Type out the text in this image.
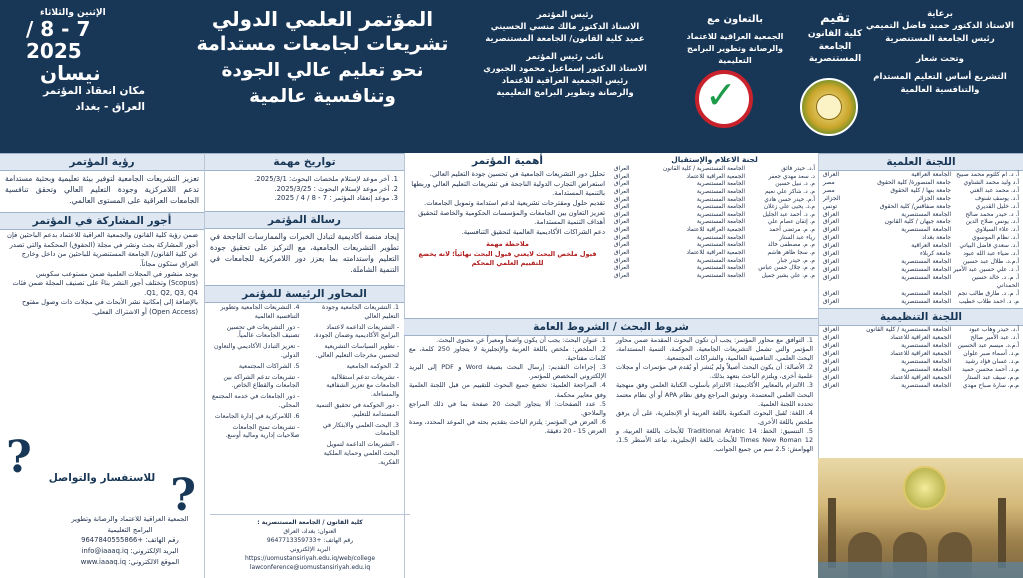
برعاية
الاستاذ الدكتور حميد فاضل التميمي
رئيس الجامعة المستنصرية
وتحت شعار
التشريع أساس التعليم المستدام
والتنافسية العالمية
تقيم
كلية القانون
الجامعة المستنصرية
بالتعاون مع
الجمعية العراقية للاعتماد
والرصانة وتطوير البرامج التعليمية
✓
رئيس المؤتمر
الاستاذ الدكتور مالك منسي الحسيني
عميد كلية القانون/ الجامعة المستنصرية
نائب رئيس المؤتمر
الاستاذ الدكتور إسماعيل محمود الجبوري
رئيس الجمعية العراقية للاعتماد
والرصانة وتطوير البرامج التعليمية
المؤتمر العلمي الدولي
تشريعات لجامعات مستدامة
نحو تعليم عالي الجودة وتنافسية عالمية
الإثنين والثلاثاء
7 - 8 / 2025
نيسان
مكان انعقاد المؤتمر
العراق - بغداد
اللجنة العلمية
أ. د. ام كلثوم محمد صبيح
الجامعة العراقية
العراق
أ.د وليد محمد الشناوي
جامعة المنصورة/ كلية الحقوق
مصر
أ.د. محمد عبد الغني
جامعة بنها / كلية الحقوق
مصر
أ.د. يوسف شنوف
جامعة الجزائر
الجزائر
أ.د. خليل القديري
جامعة صفاقس/ كلية الحقوق
تونس
أ. د. حيدر محمد صالح
الجامعة المستنصرية
العراق
أ.د. يونس صلاح الدين
جامعة جيهان / كلية القانون
العراق
أ.د. علاء السيلاوي
الجامعة المستنصرية
العراق
أ.د. نظام الموسوي
جامعة بغداد
العراق
أ.د. سعدي فاضل البياتي
الجامعة العراقية
العراق
أ.د. ضياء عبد الله عبود
جامعة كربلاء
العراق
أ.م.د. طلال عبد حسين
الجامعة المستنصرية
العراق
أ. د. علي حسين عبد الأمير
الجامعة المستنصرية
العراق
أ. م. د. خالد حسين الحمداني
الجامعة المستنصرية
العراق
أ. م. د. طارق طالب نجم
الجامعة المستنصرية
العراق
م. د. احمد طلاب خطيب
الجامعة المستنصرية
العراق
اللجنة التنظيمية
أ.د. حيدر وهاب عبود
الجامعة المستنصرية / كلية القانون
العراق
أ.د. عبد الأمير صالح
الجمعية العراقية للاعتماد
العراق
أ.م.د. ميسم عبد الحسين
الجامعة المستنصرية
العراق
م.د. أسماء صبر علوان
الجمعية العراقية للاعتماد
العراق
م.د. غسان فؤاد رشيد
الجامعة المستنصرية
العراق
م.د. أحمد محسن حميد
الجامعة المستنصرية
العراق
م.م. سيف عبد الستار
الجمعية العراقية للاعتماد
العراق
م.م. سارة صباح مهدي
الجامعة المستنصرية
العراق
لجنة الاعلام والإستقبال
أ.د. حيدر فائق
الجامعة المستنصرية / كلية القانون
العراق
د. سعد مهدي جعفر
الجمعية العراقية للاعتماد
العراق
م. د. نبيل حسين
الجامعة المستنصرية
العراق
م. د. شاكر علي نعيم
الجامعة المستنصرية
العراق
أ.م. حيدر حسن هادي
الجامعة المستنصرية
العراق
م.د. يحيى علي زغلان
الجامعة المستنصرية
العراق
م. د. أحمد عبد الجليل
الجامعة المستنصرية
العراق
م. إتقان عصام علي
الجامعة المستنصرية
العراق
م. م. مرتضى أحمد
الجمعية العراقية للاعتماد
العراق
رياء عبد الستار
الجامعة المستنصرية
العراق
م. م. مصطفى خالد
الجامعة المستنصرية
العراق
م. سجا ظاهر هاشم
الجمعية العراقية للاعتماد
العراق
م. م. حيدر جبار
الجامعة المستنصرية
العراق
م. م. جلال حسن عباس
الجامعة المستنصرية
العراق
م. م. علي بشير جميل
الجامعة المستنصرية
العراق
أهمية المؤتمر
تحليل دور التشريعات الجامعية في تحسين جودة التعليم العالي.
استعراض التجارب الدولية الناجحة في تشريعات التعليم العالي وربطها بالتنمية المستدامة.
تقديم حلول ومقترحات تشريعية لدعم استدامة وتمويل الجامعات.
تعزيز التعاون بين الجامعات والمؤسسات الحكومية والخاصة لتحقيق أهداف التنمية المستدامة.
دعم الشراكات الأكاديمية العالمية لتحقيق التنافسية.
ملاحظة مهمة
قبول ملخص البحث لايعني قبول البحث نهائياً؛ لانه يخضع للتقييم العلمي المحكم
شروط البحث / الشروط العامة
1. التوافق مع محاور المؤتمر: يجب أن تكون البحوث المقدمة ضمن محاور المؤتمر والتي تشمل التشريعات الجامعية، الحوكمة، التنمية المستدامة، البحث العلمي، التنافسية العالمية، والشراكات المجتمعية.
2. الأصالة: أن يكون البحث أصيلاً ولم يُنشر أو يُقدم في مؤتمرات أو مجلات علمية أخرى، ويلتزم الباحث بتعهد بذلك.
3. الالتزام بالمعايير الأكاديمية: الالتزام بأسلوب الكتابة العلمي وفق منهجية البحث العلمي المعتمدة، وتوثيق المراجع وفق نظام APA أو أي نظام معتمد تحدده اللجنة العلمية.
4. اللغة: تُقبل البحوث المكتوبة باللغة العربية أو الإنجليزية، على أن يرفق ملخص باللغة الأخرى.
5. التنسيق: الخط: Traditional Arabic 14 للأبحاث باللغة العربية، و Times New Roman 12 للأبحاث باللغة الإنجليزية، تباعد الأسطر 1.5، الهوامش: 2.5 سم من جميع الجوانب.
1. عنوان البحث: يجب أن يكون واضحاً ومعبراً عن محتوى البحث.
2. الملخص: ملخص باللغة العربية والإنجليزية لا يتجاوز 250 كلمة، مع كلمات مفتاحية.
3. إجراءات التقديم: إرسال البحث بصيغة Word و PDF إلى البريد الإلكتروني المخصص للمؤتمر.
4. المراجعة العلمية: تخضع جميع البحوث للتقييم من قبل اللجنة العلمية وفق معايير محكمة.
5. عدد الصفحات: ألا يتجاوز البحث 20 صفحة بما في ذلك المراجع والملاحق.
6. العرض في المؤتمر: يلتزم الباحث بتقديم بحثه في الموعد المحدد، ومدة العرض 15 - 20 دقيقة.
تواريخ مهمة
1. آخر موعد لإستلام ملخصات البحوث: 2025/3/1.
2. آخر موعد لإستلام البحوث : 2025/3/25.
3. موعد إنعقاد المؤتمر : 7 - 8 / 4 / 2025.
رسالة المؤتمر
إيجاد منصة أكاديمية لتبادل الخبرات والممارسات الناجحة في تطوير التشريعات الجامعية، مع التركيز على تحقيق جودة التعليم واستدامته بما يعزز دور اللامركزية للجامعات في التنمية الشاملة.
المحاور الرئيسة للمؤتمر
1. التشريعات الجامعية وجودة التعليم العالي
- التشريعات الداعمة لاعتماد البرامج الأكاديمية وضمان الجودة.
- تطوير السياسات التشريعية لتحسين مخرجات التعليم العالي.
2. الحوكمة الجامعية
- تشريعات تدعم استقلالية الجامعات مع تعزيز الشفافية والمساءلة.
- دور الحوكمة في تحقيق التنمية المستدامة للتعليم.
3. البحث العلمي والابتكار في الجامعات
- التشريعات الداعمة لتمويل البحث العلمي وحماية الملكية الفكرية.
4. التشريعات الجامعية وتطوير التنافسية العالمية
- دور التشريعات في تحسين تصنيف الجامعات عالمياً.
- تعزيز التبادل الأكاديمي والتعاون الدولي.
5. الشراكات المجتمعية
- تشريعات تدعم الشراكة بين الجامعات والقطاع الخاص.
- دور الجامعات في خدمة المجتمع المحلي.
6. اللامركزية في إدارة الجامعات
- تشريعات تمنح الجامعات صلاحيات إدارية ومالية أوسع.
رؤية المؤتمر
تعزيز التشريعات الجامعية لتوفير بيئة تعليمية وبحثية مستدامة تدعم اللامركزية وجودة التعليم العالي وتحقق تنافسية الجامعات العراقية على المستوى العالمي.
أجور المشاركة في المؤتمر
ضمن رؤية كلية القانون والجمعية العراقية للاعتماد بدعم الباحثين فإن أجور المشاركة بحث ونشر في مجلة (الحقوق) المحكمة والتي تصدر عن كلية القانون/ الجامعة المستنصرية للباحثين من داخل وخارج العراق ستكون مجاناً.
يوجد منشور في المجلات العلمية ضمن مستوعب سكوبس (Scopus) وتختلف أجور النشر بناءً على تصنيف المجلة ضمن فئات Q1, Q2, Q3, Q4.
بالإضافة إلى إمكانية نشر الأبحاث في مجلات ذات وصول مفتوح (Open Access) أو الاشتراك الفعلي.
للاستفسار والتواصل
?
?
الجمعية العراقية للاعتماد والرصانة وتطوير البرامج التعليمية
رقم الهاتف: +9647840555866
البريد الإلكتروني: info@iaaaq.iq
الموقع الالكتروني: www.iaaaq.iq
كلية القانون / الجامعة المستنصرية :
العنوان: بغداد، العراق
رقم الهاتف: +9647713359733
البريد الإلكتروني
https://uomustansiriyah.edu.iq/web/college
lawconference@uomustansiriyah.edu.iq
